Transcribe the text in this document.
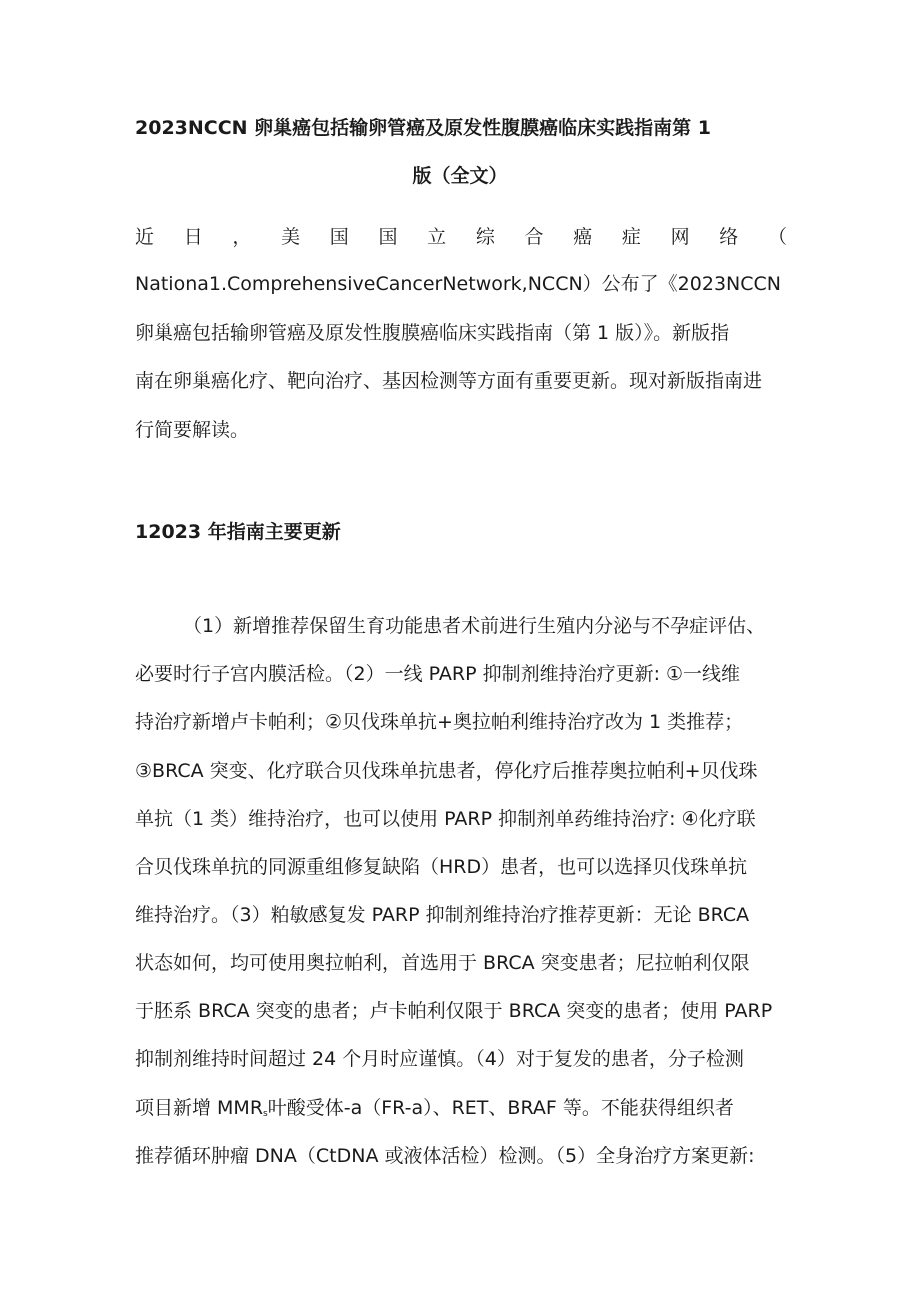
2023NCCN 卵巢癌包括输卵管癌及原发性腹膜癌临床实践指南第 1
版（全文）
近 日 ， 美 国 国 立 综 合 癌 症 网 络 （
Nationa1.ComprehensiveCancerNetwork,NCCN）公布了《2023NCCN
卵巢癌包括输卵管癌及原发性腹膜癌临床实践指南（第 1 版）》。新版指
南在卵巢癌化疗、靶向治疗、基因检测等方面有重要更新。现对新版指南进
行简要解读。
12023 年指南主要更新
（1）新增推荐保留生育功能患者术前进行生殖内分泌与不孕症评估、
必要时行子宫内膜活检。（2）一线 PARP 抑制剂维持治疗更新: ①一线维
持治疗新增卢卡帕利；②贝伐珠单抗+奥拉帕利维持治疗改为 1 类推荐；
③BRCA 突变、化疗联合贝伐珠单抗患者，停化疗后推荐奥拉帕利+贝伐珠
单抗（1 类）维持治疗，也可以使用 PARP 抑制剂单药维持治疗: ④化疗联
合贝伐珠单抗的同源重组修复缺陷（HRD）患者，也可以选择贝伐珠单抗
维持治疗。（3）粕敏感复发 PARP 抑制剂维持治疗推荐更新：无论 BRCA
状态如何，均可使用奥拉帕利，首选用于 BRCA 突变患者；尼拉帕利仅限
于胚系 BRCA 突变的患者；卢卡帕利仅限于 BRCA 突变的患者；使用 PARP
抑制剂维持时间超过 24 个月时应谨慎。（4）对于复发的患者，分子检测
项目新增 $MMR_s$叶酸受体-a（FR-a）、RET、BRAF 等。不能获得组织者
推荐循环肿瘤 DNA（CtDNA 或液体活检）检测。（5）全身治疗方案更新:
